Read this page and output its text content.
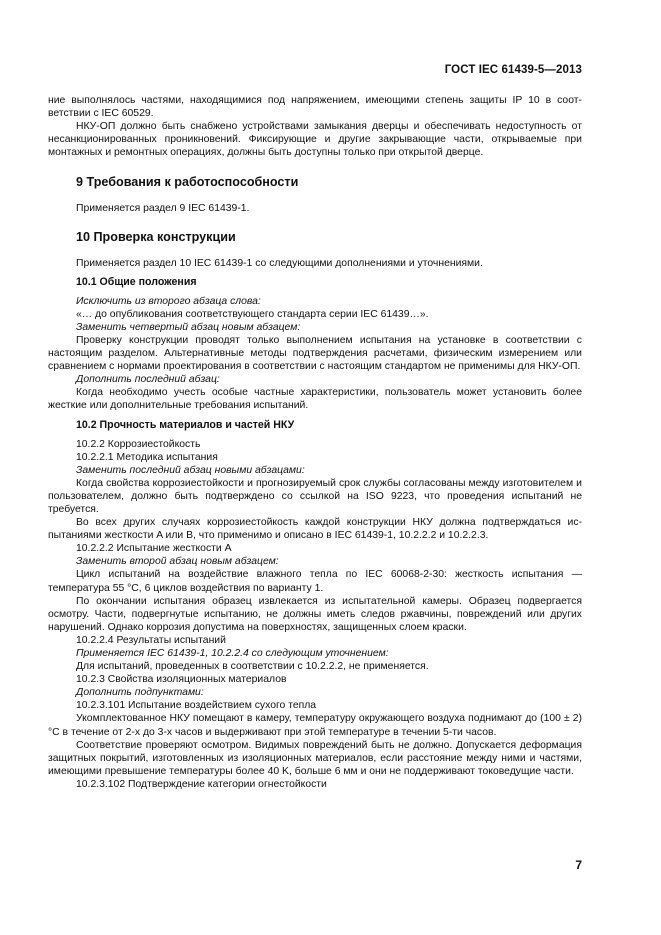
ГОСТ IEC 61439-5—2013

ние выполнялось частями, находящимися под напряжением, имеющими степень защиты IP 10 в соответствии с IEC 60529.

НКУ-ОП должно быть снабжено устройствами замыкания дверцы и обеспечивать недоступность от несанкционированных проникновений. Фиксирующие и другие закрывающие части, открываемые при монтажных и ремонтных операциях, должны быть доступны только при открытой дверце.

9 Требования к работоспособности

Применяется раздел 9 IEC 61439-1.

10 Проверка конструкции

Применяется раздел 10 IEC 61439-1 со следующими дополнениями и уточнениями.

10.1 Общие положения

Исключить из второго абзаца слова:

«… до опубликования соответствующего стандарта серии IEC 61439…».

Заменить четвертый абзац новым абзацем:

Проверку конструкции проводят только выполнением испытания на установке в соответствии с настоящим разделом. Альтернативные методы подтверждения расчетами, физическим измерением или сравнением с нормами проектирования в соответствии с настоящим стандартом не применимы для НКУ-ОП.

Дополнить последний абзац:

Когда необходимо учесть особые частные характеристики, пользователь может установить более жесткие или дополнительные требования испытаний.

10.2 Прочность материалов и частей НКУ

10.2.2 Коррозиестойкость

10.2.2.1 Методика испытания

Заменить последний абзац новыми абзацами:

Когда свойства коррозиестойкости и прогнозируемый срок службы согласованы между изготовителем и пользователем, должно быть подтверждено со ссылкой на ISO 9223, что проведения испытаний не требуется.

Во всех других случаях коррозиестойкость каждой конструкции НКУ должна подтверждаться испытаниями жесткости A или B, что применимо и описано в IEC 61439-1, 10.2.2.2 и 10.2.2.3.

10.2.2.2 Испытание жесткости A

Заменить второй абзац новым абзацем:

Цикл испытаний на воздействие влажного тепла по IEC 60068-2-30: жесткость испытания — температура 55 °C, 6 циклов воздействия по варианту 1.

По окончании испытания образец извлекается из испытательной камеры. Образец подвергается осмотру. Части, подвергнутые испытанию, не должны иметь следов ржавчины, повреждений или других нарушений. Однако коррозия допустима на поверхностях, защищенных слоем краски.

10.2.2.4 Результаты испытаний

Применяется IEC 61439-1, 10.2.2.4 со следующим уточнением:

Для испытаний, проведенных в соответствии с 10.2.2.2, не применяется.

10.2.3 Свойства изоляционных материалов

Дополнить подпунктами:

10.2.3.101 Испытание воздействием сухого тепла

Укомплектованное НКУ помещают в камеру, температуру окружающего воздуха поднимают до (100 ± 2) °C в течение от 2-х до 3-х часов и выдерживают при этой температуре в течении 5-ти часов.

Соответствие проверяют осмотром. Видимых повреждений быть не должно. Допускается деформация защитных покрытий, изготовленных из изоляционных материалов, если расстояние между ними и частями, имеющими превышение температуры более 40 K, больше 6 мм и они не поддерживают токоведущие части.

10.2.3.102 Подтверждение категории огнестойкости

7
